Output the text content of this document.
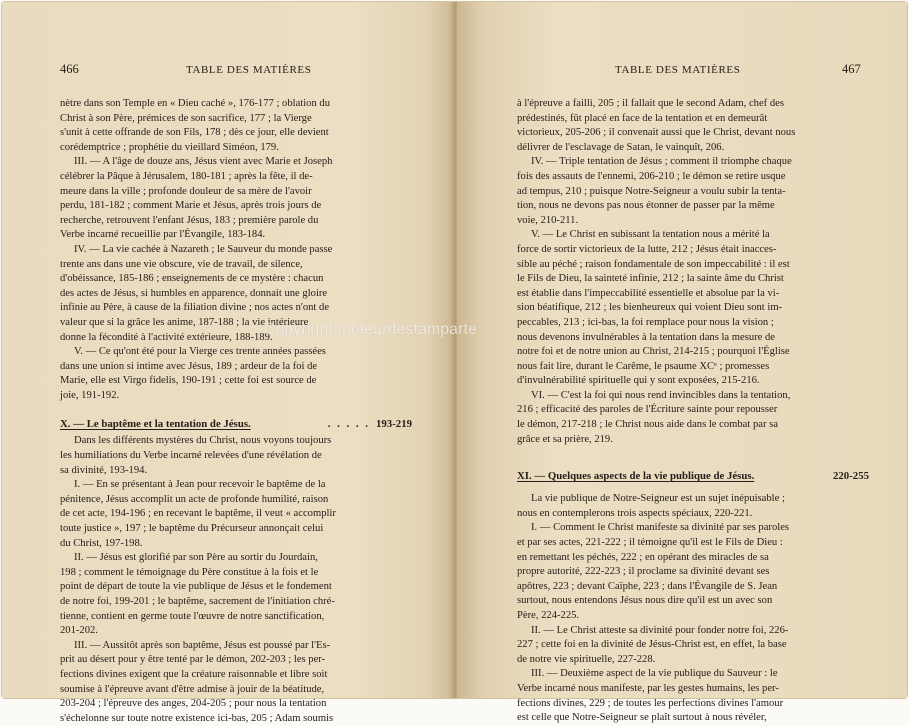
466	TABLE DES MATIÈRES
nètre dans son Temple en « Dieu caché », 176-177 ; oblation du
Christ à son Père, prémices de son sacrifice, 177 ; la Vierge
s'unit à cette offrande de son Fils, 178 ; dès ce jour, elle devient
corédemptrice ; prophétie du vieillard Siméon, 179.
III. — A l'âge de douze ans, Jésus vient avec Marie et Joseph
célébrer la Pâque à Jérusalem, 180-181 ; après la fête, il de-
meure dans la ville ; profonde douleur de sa mère de l'avoir
perdu, 181-182 ; comment Marie et Jésus, après trois jours de
recherche, retrouvent l'enfant Jésus, 183 ; première parole du
Verbe incarné recueillie par l'Évangile, 183-184.
IV. — La vie cachée à Nazareth ; le Sauveur du monde passe
trente ans dans une vie obscure, vie de travail, de silence,
d'obéissance, 185-186 ; enseignements de ce mystère : chacun
des actes de Jésus, si humbles en apparence, donnait une gloire
infinie au Père, à cause de la filiation divine ; nos actes n'ont de
valeur que si la grâce les anime, 187-188 ; la vie intérieure
donne la fécondité à l'activité extérieure, 188-189.
V. — Ce qu'ont été pour la Vierge ces trente années passées
dans une union si intime avec Jésus, 189 ; ardeur de la foi de
Marie, elle est Virgo fidelis, 190-191 ; cette foi est source de
joie, 191-192.
X. — Le baptême et la tentation de Jésus.	. . . . . 193-219
Dans les différents mystères du Christ, nous voyons toujours
les humiliations du Verbe incarné relevées d'une révélation de
sa divinité, 193-194.
I. — En se présentant à Jean pour recevoir le baptême de la
pénitence, Jésus accomplit un acte de profonde humilité, raison
de cet acte, 194-196 ; en recevant le baptême, il veut « accomplir
toute justice », 197 ; le baptême du Précurseur annonçait celui
du Christ, 197-198.
II. — Jésus est glorifié par son Père au sortir du Jourdain,
198 ; comment le témoignage du Père constitue à la fois et le
point de départ de toute la vie publique de Jésus et le fondement
de notre foi, 199-201 ; le baptême, sacrement de l'initiation chré-
tienne, contient en germe toute l'œuvre de notre sanctification,
201-202.
III. — Aussitôt après son baptême, Jésus est poussé par l'Es-
prit au désert pour y être tenté par le démon, 202-203 ; les per-
fections divines exigent que la créature raisonnable et libre soit
soumise à l'épreuve avant d'être admise à jouir de la béatitude,
203-204 ; l'épreuve des anges, 204-205 ; pour nous la tentation
s'échelonne sur toute notre existence ici-bas, 205 ; Adam soumis
TABLE DES MATIÈRES	467
à l'épreuve a failli, 205 ; il fallait que le second Adam, chef des
prédestinés, fût placé en face de la tentation et en demeurât
victorieux, 205-206 ; il convenait aussi que le Christ, devant nous
délivrer de l'esclavage de Satan, le vainquît, 206.
IV. — Triple tentation de Jésus ; comment il triomphe chaque
fois des assauts de l'ennemi, 206-210 ; le démon se retire usque
ad tempus, 210 ; puisque Notre-Seigneur a voulu subir la tenta-
tion, nous ne devons pas nous étonner de passer par la même
voie, 210-211.
V. — Le Christ en subissant la tentation nous a mérité la
force de sortir victorieux de la lutte, 212 ; Jésus était inacces-
sible au péché ; raison fondamentale de son impeccabilité : il est
le Fils de Dieu, la sainteté infinie, 212 ; la sainte âme du Christ
est établie dans l'impeccabilité essentielle et absolue par la vi-
sion béatifique, 212 ; les bienheureux qui voient Dieu sont im-
peccables, 213 ; ici-bas, la foi remplace pour nous la vision ;
nous devenons invulnérables à la tentation dans la mesure de
notre foi et de notre union au Christ, 214-215 ; pourquoi l'Église
nous fait lire, durant le Carême, le psaume XCᵉ ; promesses
d'invulnérabilité spirituelle qui y sont exposées, 215-216.
VI. — C'est la foi qui nous rend invincibles dans la tentation,
216 ; efficacité des paroles de l'Écriture sainte pour repousser
le démon, 217-218 ; le Christ nous aide dans le combat par sa
grâce et sa prière, 219.
XI. — Quelques aspects de la vie publique de Jésus.	220-255
La vie publique de Notre-Seigneur est un sujet inépuisable ;
nous en contemplerons trois aspects spéciaux, 220-221.
I. — Comment le Christ manifeste sa divinité par ses paroles
et par ses actes, 221-222 ; il témoigne qu'il est le Fils de Dieu :
en remettant les péchés, 222 ; en opérant des miracles de sa
propre autorité, 222-223 ; il proclame sa divinité devant ses
apôtres, 223 ; devant Caïphe, 223 ; dans l'Évangile de S. Jean
surtout, nous entendons Jésus nous dire qu'il est un avec son
Père, 224-225.
II. — Le Christ atteste sa divinité pour fonder notre foi, 226-
227 ; cette foi en la divinité de Jésus-Christ est, en effet, la base
de notre vie spirituelle, 227-228.
III. — Deuxième aspect de la vie publique du Sauveur : le
Verbe incarné nous manifeste, par les gestes humains, les per-
fections divines, 229 ; de toutes les perfections divines l'amour
est celle que Notre-Seigneur se plaît surtout à nous révéler,
Copyright moteurdestamparte
